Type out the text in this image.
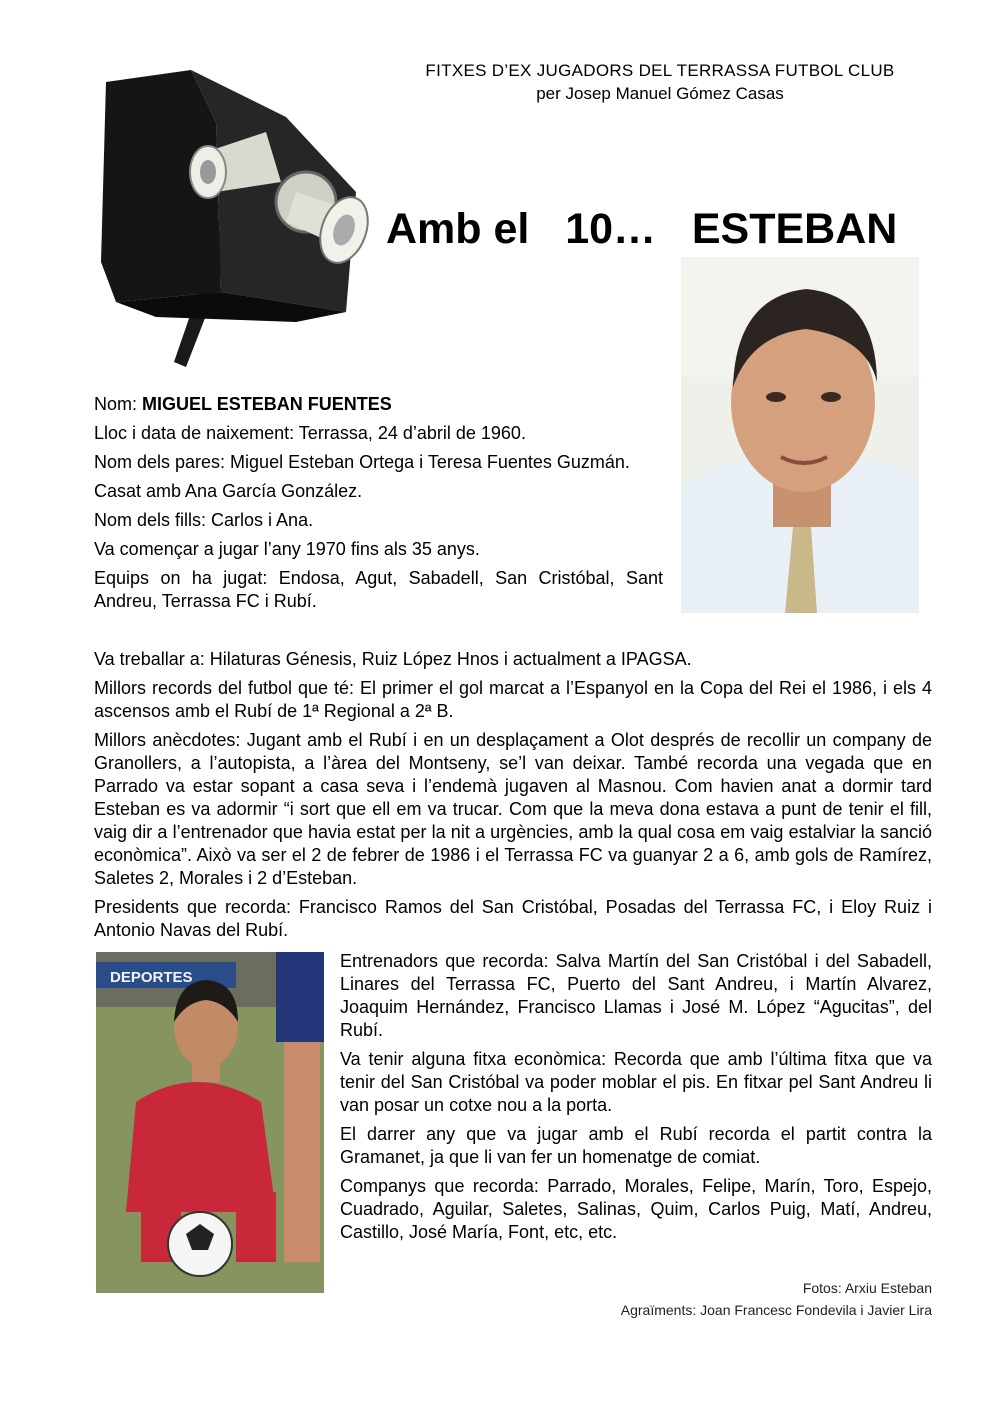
FITXES D’EX JUGADORS DEL TERRASSA FUTBOL CLUB
per Josep Manuel Gómez Casas
Amb el   10…   ESTEBAN

Nom: MIGUEL ESTEBAN FUENTES

Lloc i data de naixement: Terrassa, 24 d’abril de 1960.

Nom dels pares: Miguel Esteban Ortega i Teresa Fuentes Guzmán.

Casat amb Ana García González.

Nom dels fills: Carlos i Ana.

Va començar a jugar l’any 1970 fins als 35 anys.

Equips on ha jugat: Endosa, Agut, Sabadell, San Cristóbal, Sant Andreu, Terrassa FC i Rubí.

Va treballar a: Hilaturas Génesis, Ruiz López Hnos i actualment a IPAGSA.

Millors records del futbol que té: El primer el gol marcat a l’Espanyol en la Copa del Rei el 1986, i els 4 ascensos amb el Rubí de 1ª Regional a 2ª B.

Millors anècdotes: Jugant amb el Rubí i en un desplaçament a Olot després de recollir un company de Granollers, a l’autopista, a l’àrea del Montseny, se’l van deixar. També recorda una vegada que en Parrado va estar sopant a casa seva i l’endemà jugaven al Masnou. Com havien anat a dormir tard Esteban es va adormir “i sort que ell em va trucar. Com que la meva dona estava a punt de tenir el fill, vaig dir a l’entrenador que havia estat per la nit a urgències, amb la qual cosa em vaig estalviar la sanció econòmica”. Això va ser el 2 de febrer de 1986 i el Terrassa FC va guanyar 2 a 6, amb gols de Ramírez, Saletes 2, Morales i 2 d’Esteban.

Presidents que recorda: Francisco Ramos del San Cristóbal, Posadas del Terrassa FC, i Eloy Ruiz i Antonio Navas del Rubí.

DEPORTES

Entrenadors que recorda: Salva Martín del San Cristóbal i del Sabadell, Linares del Terrassa FC, Puerto del Sant Andreu, i Martín Alvarez, Joaquim Hernández, Francisco Llamas i José M. López “Agucitas”, del Rubí.

Va tenir alguna fitxa econòmica: Recorda que amb l’última fitxa que va tenir del San Cristóbal va poder moblar el pis. En fitxar pel Sant Andreu li van posar un cotxe nou a la porta.

El darrer any que va jugar amb el Rubí recorda el partit contra la Gramanet, ja que li van fer un homenatge de comiat.

Companys que recorda: Parrado, Morales, Felipe, Marín, Toro, Espejo, Cuadrado, Aguilar, Saletes, Salinas, Quim, Carlos Puig, Matí, Andreu, Castillo, José María, Font, etc, etc.

Fotos: Arxiu Esteban
Agraïments: Joan Francesc Fondevila i Javier Lira
